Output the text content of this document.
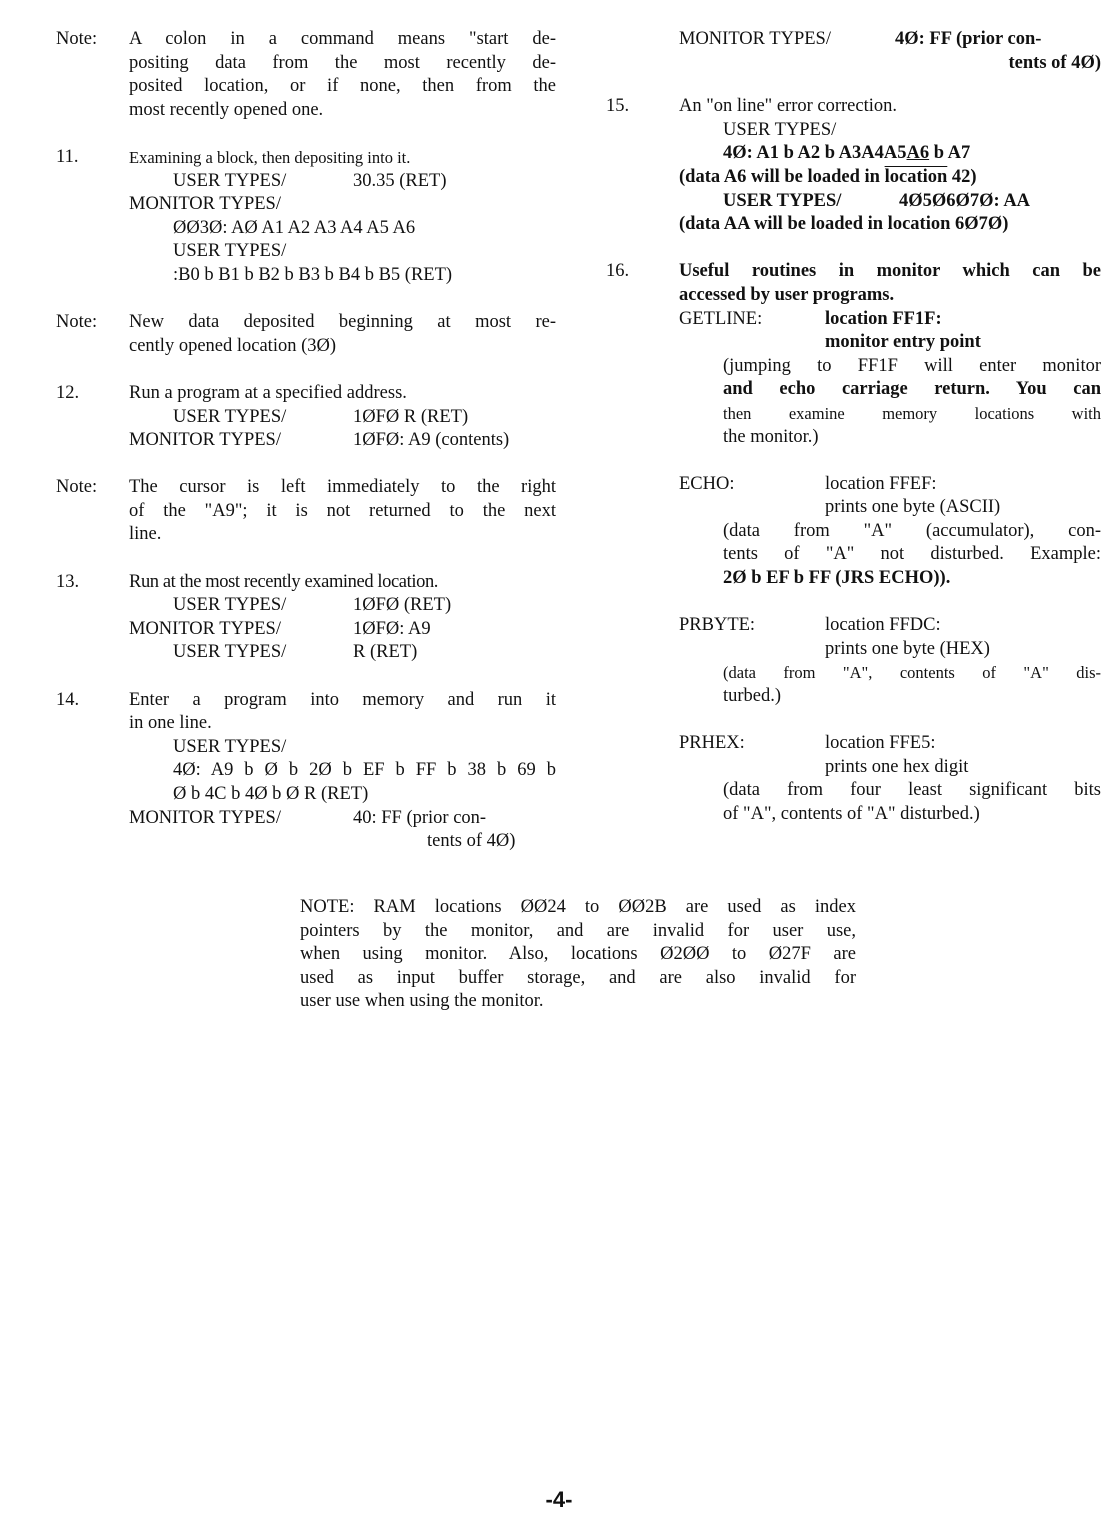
Note:	A colon in a command means "start de-
positing data from the most recently de-
posited location, or if none, then from the
most recently opened one.
11.	Examining a block, then depositing into it.
USER TYPES/	30.35 (RET)
MONITOR TYPES/
ØØ3Ø: AØ A1 A2 A3 A4 A5 A6
USER TYPES/
:B0 b B1 b B2 b B3 b B4 b B5 (RET)
Note:	New data deposited beginning at most re-
cently opened location (3Ø)
12.	Run a program at a specified address.
USER TYPES/	1ØFØ R (RET)
MONITOR TYPES/	1ØFØ: A9 (contents)
Note:	The cursor is left immediately to the right
of the "A9"; it is not returned to the next
line.
13.	Run at the most recently examined location.
USER TYPES/	1ØFØ (RET)
MONITOR TYPES/	1ØFØ: A9
USER TYPES/	R (RET)
14.	Enter a program into memory and run it
in one line.
USER TYPES/
4Ø: A9 b Ø b 2Ø b EF b FF b 38 b 69 b
Ø b 4C b 4Ø b Ø R (RET)
MONITOR TYPES/	40: FF (prior con-
tents of 4Ø)
MONITOR TYPES/	4Ø: FF (prior con-
tents of 4Ø)
15.	An "on line" error correction.
USER TYPES/
4Ø: A1 b A2 b A3A4A5A6 b A7
(data A6 will be loaded in location 42)
USER TYPES/	4Ø5Ø6Ø7Ø: AA
(data AA will be loaded in location 6Ø7Ø)
16.	Useful routines in monitor which can be
accessed by user programs.
GETLINE:	location FF1F:
monitor entry point
(jumping to FF1F will enter monitor
and echo carriage return. You can
then examine memory locations with
the monitor.)
ECHO:	location FFEF:
prints one byte (ASCII)
(data from "A" (accumulator), con-
tents of "A" not disturbed. Example:
2Ø b EF b FF (JRS ECHO)).
PRBYTE:	location FFDC:
prints one byte (HEX)
(data from "A", contents of "A" dis-
turbed.)
PRHEX:	location FFE5:
prints one hex digit
(data from four least significant bits
of "A", contents of "A" disturbed.)
NOTE: RAM locations ØØ24 to ØØ2B are used as index
pointers by the monitor, and are invalid for user use,
when using monitor. Also, locations Ø2ØØ to Ø27F are
used as input buffer storage, and are also invalid for
user use when using the monitor.
-4-
